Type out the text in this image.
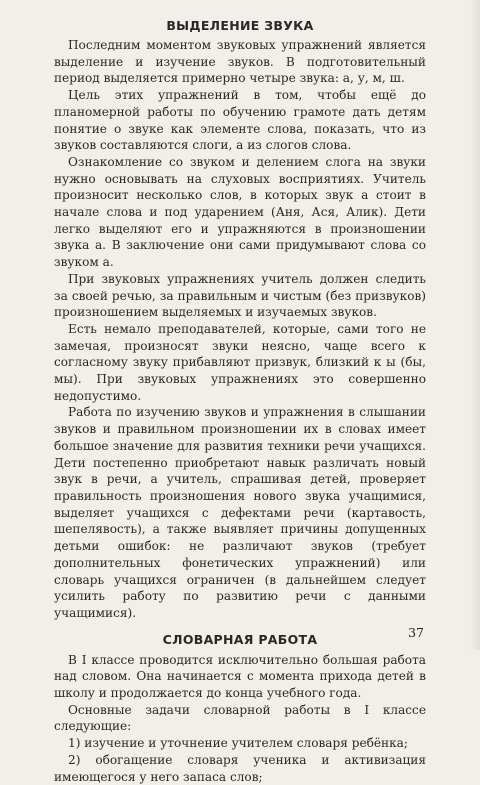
ВЫДЕЛЕНИЕ ЗВУКА

Последним моментом звуковых упражнений является выделение и изучение звуков. В подготовительный период выделяется примерно четыре звука: а, у, м, ш.

Цель этих упражнений в том, чтобы ещё до планомерной работы по обучению грамоте дать детям понятие о звуке как элементе слова, показать, что из звуков составляются слоги, а из слогов слова.

Ознакомление со звуком и делением слога на звуки нужно основывать на слуховых восприятиях. Учитель произносит несколько слов, в которых звук а стоит в начале слова и под ударением (Аня, Ася, Алик). Дети легко выделяют его и упражняются в произношении звука а. В заключение они сами придумывают слова со звуком а.

При звуковых упражнениях учитель должен следить за своей речью, за правильным и чистым (без призвуков) произношением выделяемых и изучаемых звуков.

Есть немало преподавателей, которые, сами того не замечая, произносят звуки неясно, чаще всего к согласному звуку прибавляют призвук, близкий к ы (бы, мы). При звуковых упражнениях это совершенно недопустимо.

Работа по изучению звуков и упражнения в слышании звуков и правильном произношении их в словах имеет большое значение для развития техники речи учащихся. Дети постепенно приобретают навык различать новый звук в речи, а учитель, спрашивая детей, проверяет правильность произношения нового звука учащимися, выделяет учащихся с дефектами речи (картавость, шепелявость), а также выявляет причины допущенных детьми ошибок: не различают звуков (требует дополнительных фонетических упражнений) или словарь учащихся ограничен (в дальнейшем следует усилить работу по развитию речи с данными учащимися).

СЛОВАРНАЯ РАБОТА

В I классе проводится исключительно большая работа над словом. Она начинается с момента прихода детей в школу и продолжается до конца учебного года.

Основные задачи словарной работы в I классе следующие:

1) изучение и уточнение учителем словаря ребёнка;

2) обогащение словаря ученика и активизация имеющегося у него запаса слов;

37
